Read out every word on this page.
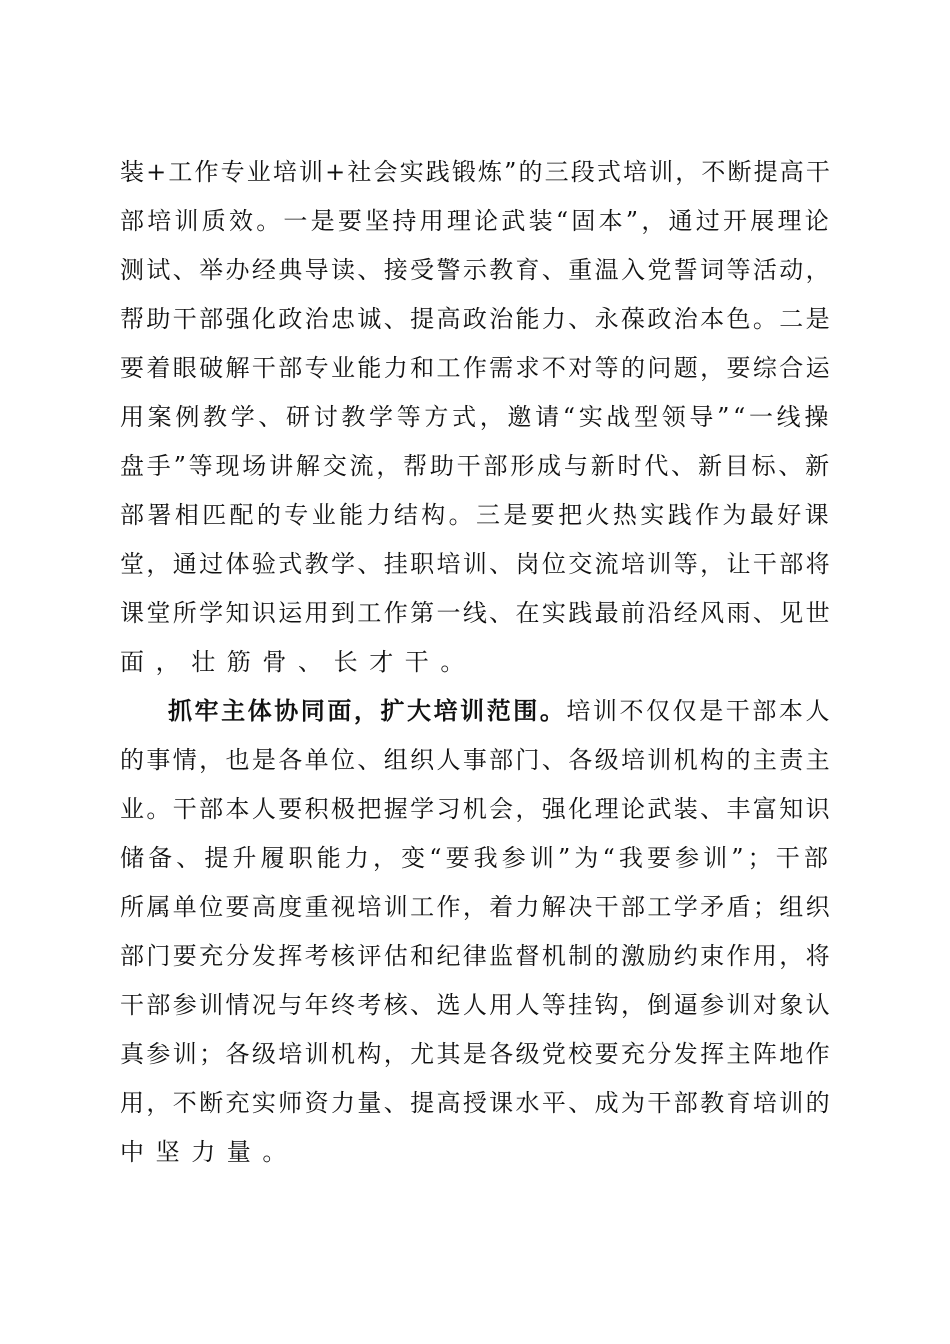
装+工作专业培训+社会实践锻炼”的三段式培训，不断提高干
部培训质效。一是要坚持用理论武装“固本”，通过开展理论
测试、举办经典导读、接受警示教育、重温入党誓词等活动，
帮助干部强化政治忠诚、提高政治能力、永葆政治本色。二是
要着眼破解干部专业能力和工作需求不对等的问题，要综合运
用案例教学、研讨教学等方式，邀请“实战型领导”“一线操
盘手”等现场讲解交流，帮助干部形成与新时代、新目标、新
部署相匹配的专业能力结构。三是要把火热实践作为最好课
堂，通过体验式教学、挂职培训、岗位交流培训等，让干部将
课堂所学知识运用到工作第一线、在实践最前沿经风雨、见世
面，壮筋骨、长才干。
抓牢主体协同面，扩大培训范围。培训不仅仅是干部本人
的事情，也是各单位、组织人事部门、各级培训机构的主责主
业。干部本人要积极把握学习机会，强化理论武装、丰富知识
储备、提升履职能力，变“要我参训”为“我要参训”；干部
所属单位要高度重视培训工作，着力解决干部工学矛盾；组织
部门要充分发挥考核评估和纪律监督机制的激励约束作用，将
干部参训情况与年终考核、选人用人等挂钩，倒逼参训对象认
真参训；各级培训机构，尤其是各级党校要充分发挥主阵地作
用，不断充实师资力量、提高授课水平、成为干部教育培训的
中坚力量。
